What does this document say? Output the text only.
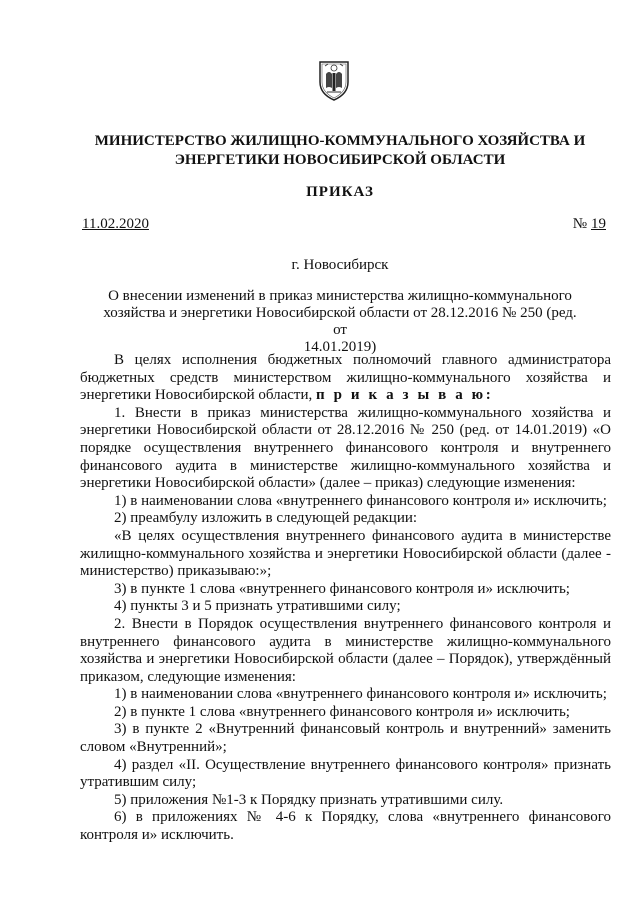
МИНИСТЕРСТВО ЖИЛИЩНО-КОММУНАЛЬНОГО ХОЗЯЙСТВА И
ЭНЕРГЕТИКИ НОВОСИБИРСКОЙ ОБЛАСТИ
ПРИКАЗ
11.02.2020	№ 19
г. Новосибирск
О внесении изменений в приказ министерства жилищно-коммунального
хозяйства и энергетики Новосибирской области от 28.12.2016 № 250 (ред. от
14.01.2019)

В целях исполнения бюджетных полномочий главного администратора бюджетных средств министерством жилищно-коммунального хозяйства и энергетики Новосибирской области, п р и к а з ы в а ю:

1. Внести в приказ министерства жилищно-коммунального хозяйства и энергетики Новосибирской области от 28.12.2016 № 250 (ред. от 14.01.2019) «О порядке осуществления внутреннего финансового контроля и внутреннего финансового аудита в министерстве жилищно-коммунального хозяйства и энергетики Новосибирской области» (далее – приказ) следующие изменения:

1) в наименовании слова «внутреннего финансового контроля и» исключить;

2) преамбулу изложить в следующей редакции:

«В целях осуществления внутреннего финансового аудита в министерстве жилищно-коммунального хозяйства и энергетики Новосибирской области (далее - министерство) приказываю:»;

3) в пункте 1 слова «внутреннего финансового контроля и» исключить;

4) пункты 3 и 5 признать утратившими силу;

2. Внести в Порядок осуществления внутреннего финансового контроля и внутреннего финансового аудита в министерстве жилищно-коммунального хозяйства и энергетики Новосибирской области (далее – Порядок), утверждённый приказом, следующие изменения:

1) в наименовании слова «внутреннего финансового контроля и» исключить;

2) в пункте 1 слова «внутреннего финансового контроля и» исключить;

3) в пункте 2 «Внутренний финансовый контроль и внутренний» заменить словом «Внутренний»;

4) раздел «II. Осуществление внутреннего финансового контроля» признать утратившим силу;

5) приложения №1-3 к Порядку признать утратившими силу.

6) в приложениях № 4-6 к Порядку, слова «внутреннего финансового контроля и» исключить.
